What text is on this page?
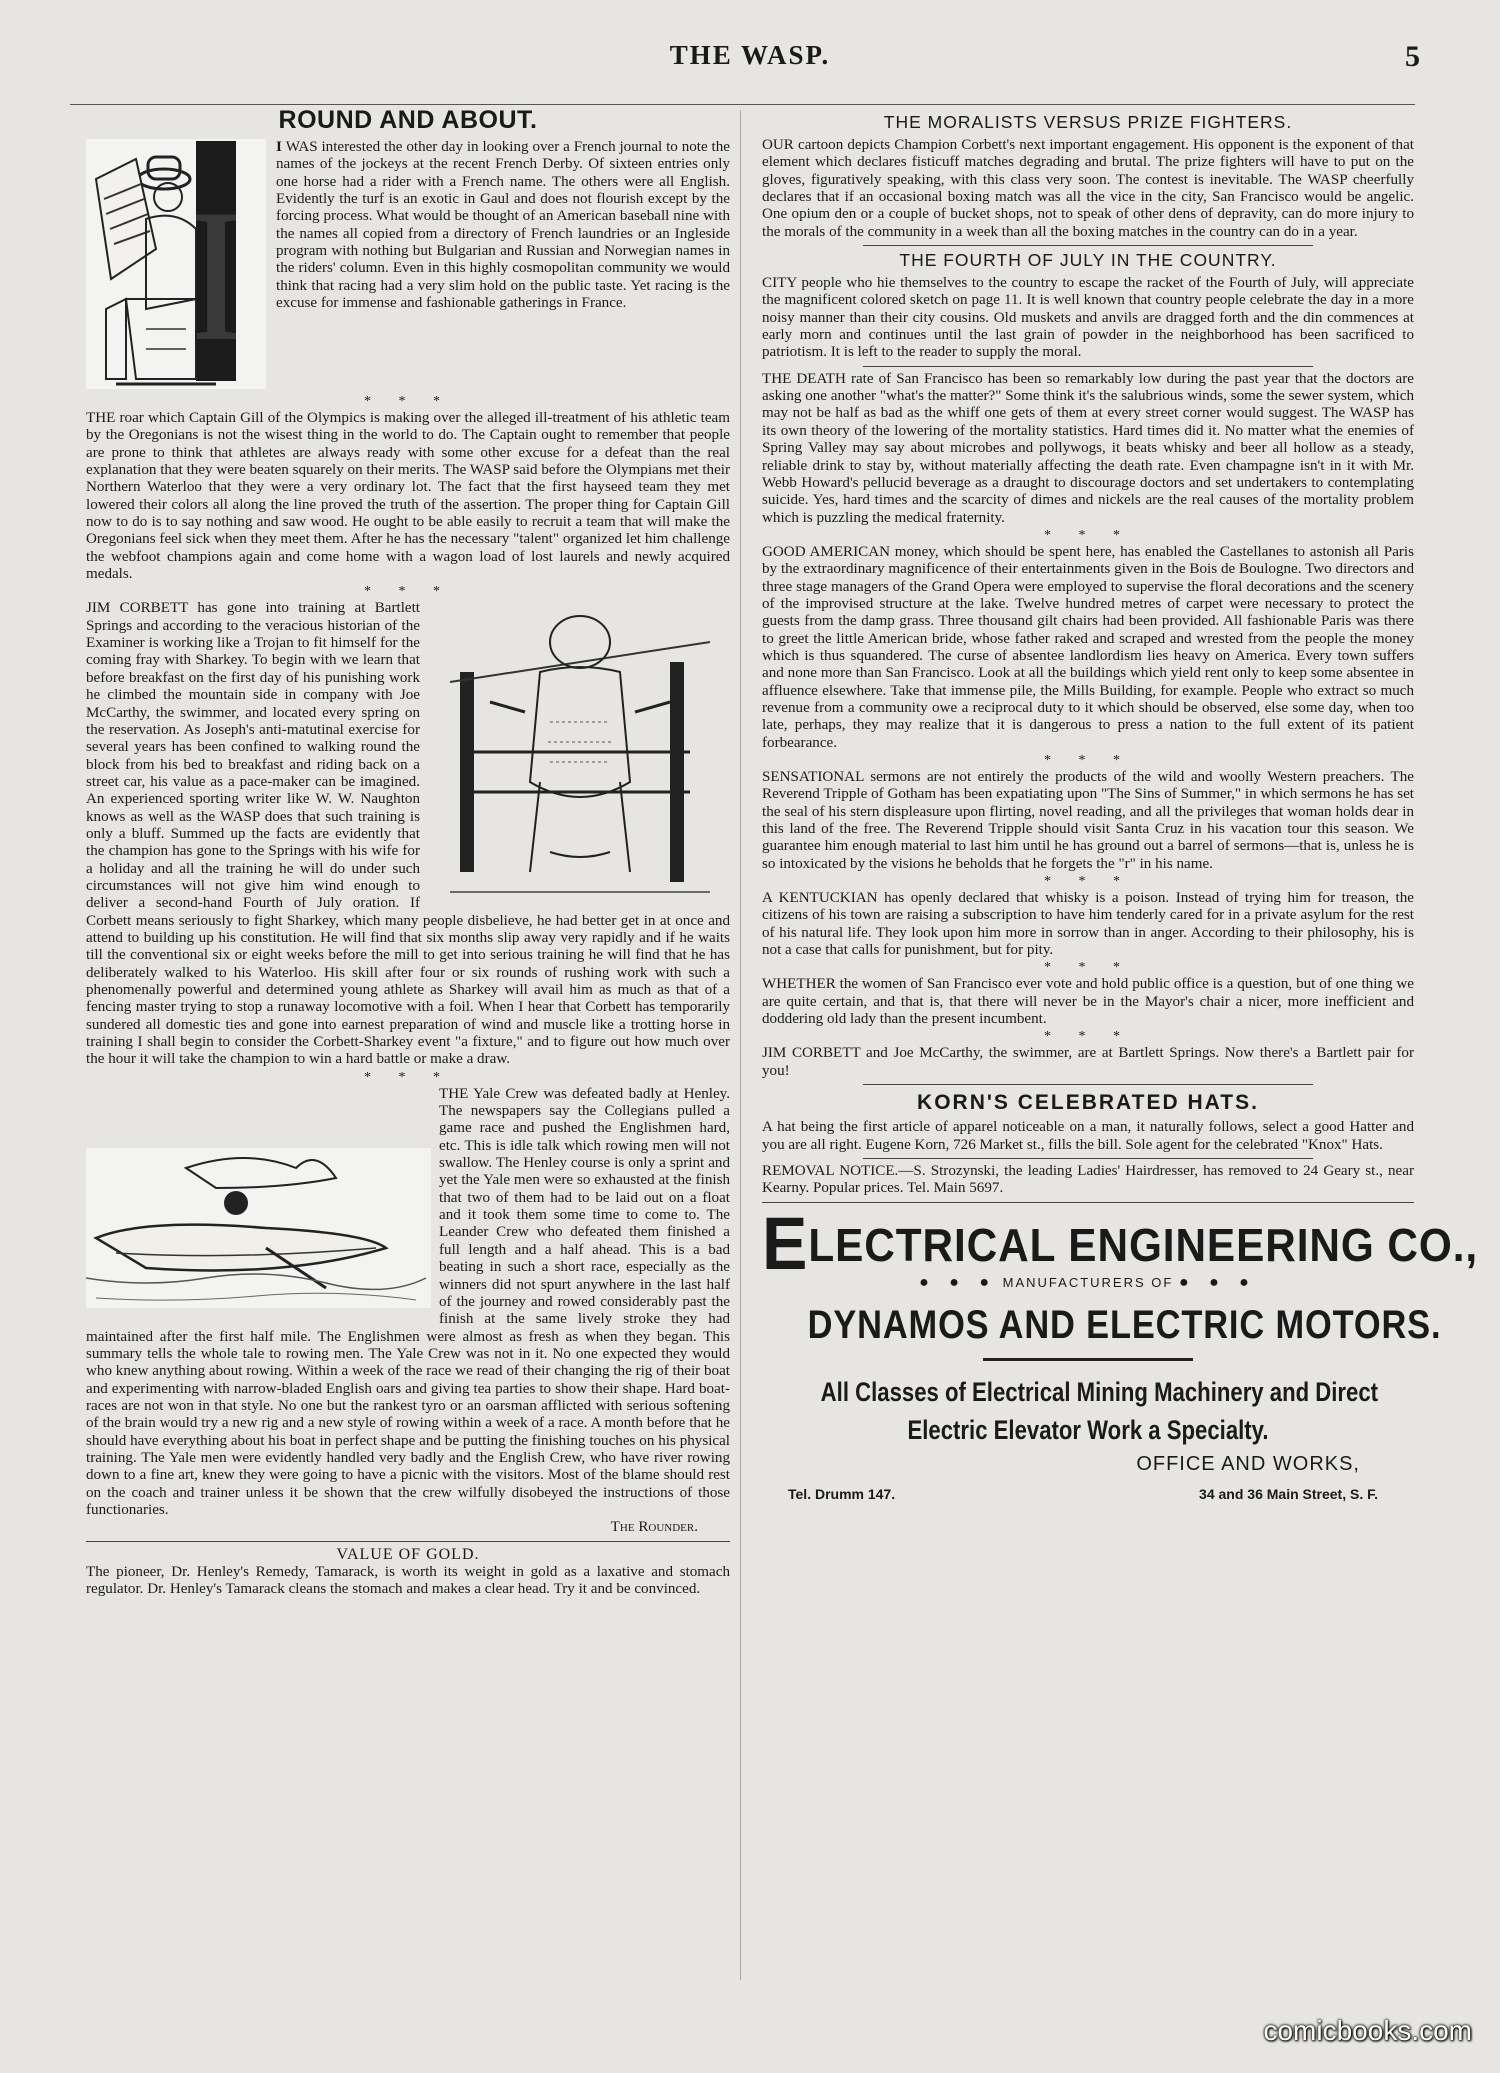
THE WASP.	5
ROUND AND ABOUT.
I

I WAS interested the other day in looking over a French journal to note the names of the jockeys at the recent French Derby. Of sixteen entries only one horse had a rider with a French name. The others were all English. Evidently the turf is an exotic in Gaul and does not flourish except by the forcing process. What would be thought of an American baseball nine with the names all copied from a directory of French laundries or an Ingleside program with nothing but Bulgarian and Russian and Norwegian names in the riders' column. Even in this highly cosmopolitan community we would think that racing had a very slim hold on the public taste. Yet racing is the excuse for immense and fashionable gatherings in France.

* * *

THE roar which Captain Gill of the Olympics is making over the alleged ill-treatment of his athletic team by the Oregonians is not the wisest thing in the world to do. The Captain ought to remember that people are prone to think that athletes are always ready with some other excuse for a defeat than the real explanation that they were beaten squarely on their merits. The WASP said before the Olympians met their Northern Waterloo that they were a very ordinary lot. The fact that the first hayseed team they met lowered their colors all along the line proved the truth of the assertion. The proper thing for Captain Gill now to do is to say nothing and saw wood. He ought to be able easily to recruit a team that will make the Oregonians feel sick when they meet them. After he has the necessary "talent" organized let him challenge the webfoot champions again and come home with a wagon load of lost laurels and newly acquired medals.

* * *

JIM CORBETT has gone into training at Bartlett Springs and according to the veracious historian of the Examiner is working like a Trojan to fit himself for the coming fray with Sharkey. To begin with we learn that before breakfast on the first day of his punishing work he climbed the mountain side in company with Joe McCarthy, the swimmer, and located every spring on the reservation. As Joseph's anti-matutinal exercise for several years has been confined to walking round the block from his bed to breakfast and riding back on a street car, his value as a pace-maker can be imagined. An experienced sporting writer like W. W. Naughton knows as well as the WASP does that such training is only a bluff. Summed up the facts are evidently that the champion has gone to the Springs with his wife for a holiday and all the training he will do under such circumstances will not give him wind enough to deliver a second-hand Fourth of July oration. If Corbett means seriously to fight Sharkey, which many people disbelieve, he had better get in at once and attend to building up his constitution. He will find that six months slip away very rapidly and if he waits till the conventional six or eight weeks before the mill to get into serious training he will find that he has deliberately walked to his Waterloo. His skill after four or six rounds of rushing work with such a phenomenally powerful and determined young athlete as Sharkey will avail him as much as that of a fencing master trying to stop a runaway locomotive with a foil. When I hear that Corbett has temporarily sundered all domestic ties and gone into earnest preparation of wind and muscle like a trotting horse in training I shall begin to consider the Corbett-Sharkey event "a fixture," and to figure out how much over the hour it will take the champion to win a hard battle or make a draw.

* * *

THE Yale Crew was defeated badly at Henley. The newspapers say the Collegians pulled a game race and pushed the Englishmen hard, etc. This is idle talk which rowing men will not swallow. The Henley course is only a sprint and yet the Yale men were so exhausted at the finish that two of them had to be laid out on a float and it took them some time to come to. The Leander Crew who defeated them finished a full length and a half ahead. This is a bad beating in such a short race, especially as the winners did not spurt anywhere in the last half of the journey and rowed considerably past the finish at the same lively stroke they had maintained after the first half mile. The Englishmen were almost as fresh as when they began. This summary tells the whole tale to rowing men. The Yale Crew was not in it. No one expected they would who knew anything about rowing. Within a week of the race we read of their changing the rig of their boat and experimenting with narrow-bladed English oars and giving tea parties to show their shape. Hard boat-races are not won in that style. No one but the rankest tyro or an oarsman afflicted with serious softening of the brain would try a new rig and a new style of rowing within a week of a race. A month before that he should have everything about his boat in perfect shape and be putting the finishing touches on his physical training. The Yale men were evidently handled very badly and the English Crew, who have river rowing down to a fine art, knew they were going to have a picnic with the visitors. Most of the blame should rest on the coach and trainer unless it be shown that the crew wilfully disobeyed the instructions of those functionaries.

The Rounder.

VALUE OF GOLD.

The pioneer, Dr. Henley's Remedy, Tamarack, is worth its weight in gold as a laxative and stomach regulator. Dr. Henley's Tamarack cleans the stomach and makes a clear head. Try it and be convinced.

THE MORALISTS VERSUS PRIZE FIGHTERS.

OUR cartoon depicts Champion Corbett's next important engagement. His opponent is the exponent of that element which declares fisticuff matches degrading and brutal. The prize fighters will have to put on the gloves, figuratively speaking, with this class very soon. The contest is inevitable. The WASP cheerfully declares that if an occasional boxing match was all the vice in the city, San Francisco would be angelic. One opium den or a couple of bucket shops, not to speak of other dens of depravity, can do more injury to the morals of the community in a week than all the boxing matches in the country can do in a year.

THE FOURTH OF JULY IN THE COUNTRY.

CITY people who hie themselves to the country to escape the racket of the Fourth of July, will appreciate the magnificent colored sketch on page 11. It is well known that country people celebrate the day in a more noisy manner than their city cousins. Old muskets and anvils are dragged forth and the din commences at early morn and continues until the last grain of powder in the neighborhood has been sacrificed to patriotism. It is left to the reader to supply the moral.

THE DEATH rate of San Francisco has been so remarkably low during the past year that the doctors are asking one another "what's the matter?" Some think it's the salubrious winds, some the sewer system, which may not be half as bad as the whiff one gets of them at every street corner would suggest. The WASP has its own theory of the lowering of the mortality statistics. Hard times did it. No matter what the enemies of Spring Valley may say about microbes and pollywogs, it beats whisky and beer all hollow as a steady, reliable drink to stay by, without materially affecting the death rate. Even champagne isn't in it with Mr. Webb Howard's pellucid beverage as a draught to discourage doctors and set undertakers to contemplating suicide. Yes, hard times and the scarcity of dimes and nickels are the real causes of the mortality problem which is puzzling the medical fraternity.

* * *

GOOD AMERICAN money, which should be spent here, has enabled the Castellanes to astonish all Paris by the extraordinary magnificence of their entertainments given in the Bois de Boulogne. Two directors and three stage managers of the Grand Opera were employed to supervise the floral decorations and the scenery of the improvised structure at the lake. Twelve hundred metres of carpet were necessary to protect the guests from the damp grass. Three thousand gilt chairs had been provided. All fashionable Paris was there to greet the little American bride, whose father raked and scraped and wrested from the people the money which is thus squandered. The curse of absentee landlordism lies heavy on America. Every town suffers and none more than San Francisco. Look at all the buildings which yield rent only to keep some absentee in affluence elsewhere. Take that immense pile, the Mills Building, for example. People who extract so much revenue from a community owe a reciprocal duty to it which should be observed, else some day, when too late, perhaps, they may realize that it is dangerous to press a nation to the full extent of its patient forbearance.

* * *

SENSATIONAL sermons are not entirely the products of the wild and woolly Western preachers. The Reverend Tripple of Gotham has been expatiating upon "The Sins of Summer," in which sermons he has set the seal of his stern displeasure upon flirting, novel reading, and all the privileges that woman holds dear in this land of the free. The Reverend Tripple should visit Santa Cruz in his vacation tour this season. We guarantee him enough material to last him until he has ground out a barrel of sermons—that is, unless he is so intoxicated by the visions he beholds that he forgets the "r" in his name.

* * *

A KENTUCKIAN has openly declared that whisky is a poison. Instead of trying him for treason, the citizens of his town are raising a subscription to have him tenderly cared for in a private asylum for the rest of his natural life. They look upon him more in sorrow than in anger. According to their philosophy, his is not a case that calls for punishment, but for pity.

* * *

WHETHER the women of San Francisco ever vote and hold public office is a question, but of one thing we are quite certain, and that is, that there will never be in the Mayor's chair a nicer, more inefficient and doddering old lady than the present incumbent.

* * *

JIM CORBETT and Joe McCarthy, the swimmer, are at Bartlett Springs. Now there's a Bartlett pair for you!

KORN'S CELEBRATED HATS.

A hat being the first article of apparel noticeable on a man, it naturally follows, select a good Hatter and you are all right. Eugene Korn, 726 Market st., fills the bill. Sole agent for the celebrated "Knox" Hats.

REMOVAL NOTICE.—S. Strozynski, the leading Ladies' Hairdresser, has removed to 24 Geary st., near Kearny. Popular prices. Tel. Main 5697.

ELECTRICAL ENGINEERING CO.,
● ● ● MANUFACTURERS OF ● ● ●
DYNAMOS AND ELECTRIC MOTORS.
All Classes of Electrical Mining Machinery and Direct
Electric Elevator Work a Specialty.
OFFICE AND WORKS,
Tel. Drumm 147.	34 and 36 Main Street, S. F.
comicbooks.com
